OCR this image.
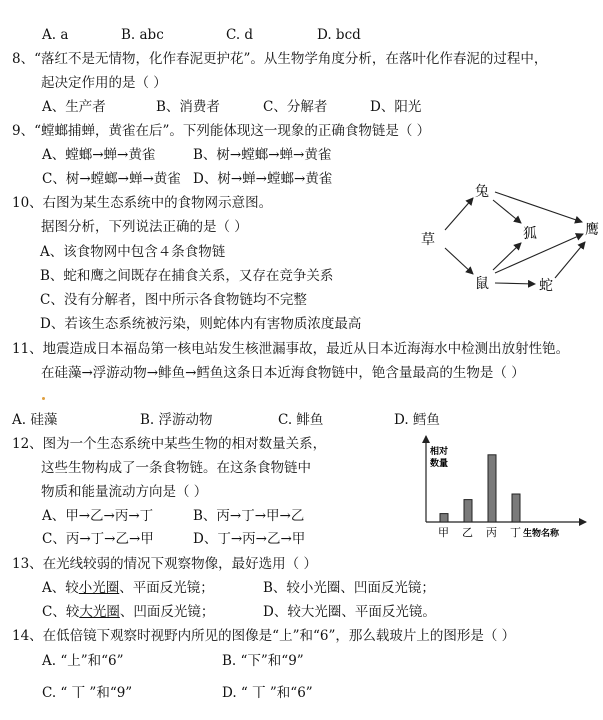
A. a	B. abc	C. d	D. bcd
8、“落红不是无情物，化作春泥更护花”。从生物学角度分析，在落叶化作春泥的过程中，
起决定作用的是（ ）
A、生产者	B、消费者	C、分解者	D、阳光
9、“螳螂捕蝉，黄雀在后”。下列能体现这一现象的正确食物链是（ ）
A、螳螂→蝉→黄雀	B、树→螳螂→蝉→黄雀
C、树→螳螂→蝉→黄雀 D、树→蝉→螳螂→黄雀
10、右图为某生态系统中的食物网示意图。
据图分析，下列说法正确的是（ ）
A、该食物网中包含４条食物链
B、蛇和鹰之间既存在捕食关系，又存在竞争关系
C、没有分解者，图中所示各食物链均不完整
D、若该生态系统被污染，则蛇体内有害物质浓度最高
草
兔
鼠
狐
蛇
鹰
11、地震造成日本福岛第一核电站发生核泄漏事故，最近从日本近海海水中检测出放射性铯。
在硅藻→浮游动物→鲱鱼→鳕鱼这条日本近海食物链中，铯含量最高的生物是（ ）
A. 硅藻	B. 浮游动物	C. 鲱鱼	D. 鳕鱼
12、图为一个生态系统中某些生物的相对数量关系，
这些生物构成了一条食物链。在这条食物链中
物质和能量流动方向是（ ）
A、甲→乙→丙→丁	B、丙→丁→甲→乙
C、丙→丁→乙→甲	D、丁→丙→乙→甲
相对数量
生物名称
甲 乙 丙 丁
13、在光线较弱的情况下观察物像，最好选用（ ）
A、较小光圈、平面反光镜；	B、较小光圈、凹面反光镜；
C、较大光圈、凹面反光镜；	D、较大光圈、平面反光镜。
14、在低倍镜下观察时视野内所见的图像是“上”和“6”，那么载玻片上的图形是（ ）
A. “上”和“6”	B. “下”和“9”
C. “ 丅 ”和“9”	D. “ 丅 ”和“6”
